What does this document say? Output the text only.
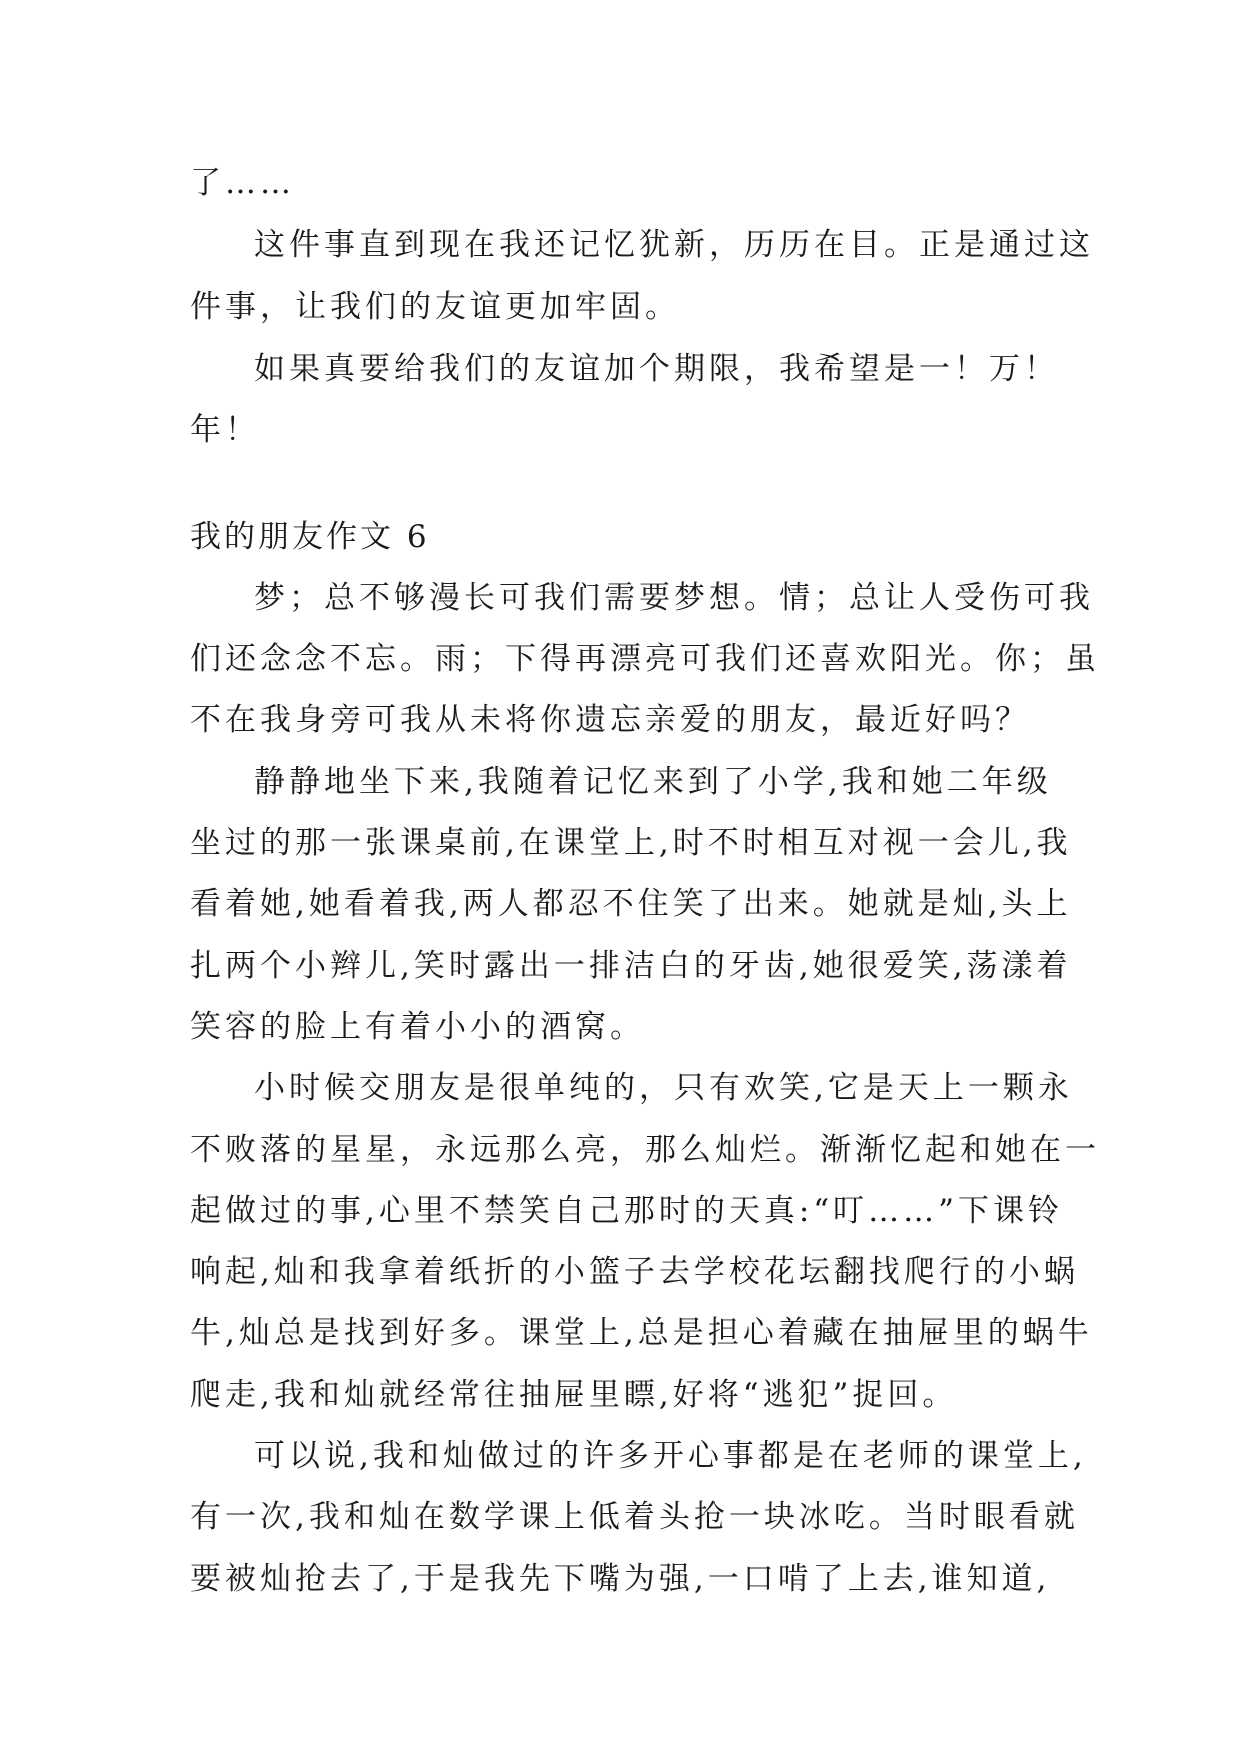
了……
这件事直到现在我还记忆犹新，历历在目。正是通过这
件事，让我们的友谊更加牢固。
如果真要给我们的友谊加个期限，我希望是一！万！
年！
我的朋友作文 6
梦；总不够漫长可我们需要梦想。情；总让人受伤可我
们还念念不忘。雨；下得再漂亮可我们还喜欢阳光。你；虽
不在我身旁可我从未将你遗忘亲爱的朋友，最近好吗？
静静地坐下来,我随着记忆来到了小学,我和她二年级
坐过的那一张课桌前,在课堂上,时不时相互对视一会儿,我
看着她,她看着我,两人都忍不住笑了出来。她就是灿,头上
扎两个小辫儿,笑时露出一排洁白的牙齿,她很爱笑,荡漾着
笑容的脸上有着小小的酒窝。
小时候交朋友是很单纯的，只有欢笑,它是天上一颗永
不败落的星星，永远那么亮，那么灿烂。渐渐忆起和她在一
起做过的事,心里不禁笑自己那时的天真:“叮……”下课铃
响起,灿和我拿着纸折的小篮子去学校花坛翻找爬行的小蜗
牛,灿总是找到好多。课堂上,总是担心着藏在抽屉里的蜗牛
爬走,我和灿就经常往抽屉里瞟,好将“逃犯”捉回。
可以说,我和灿做过的许多开心事都是在老师的课堂上,
有一次,我和灿在数学课上低着头抢一块冰吃。当时眼看就
要被灿抢去了,于是我先下嘴为强,一口啃了上去,谁知道,
